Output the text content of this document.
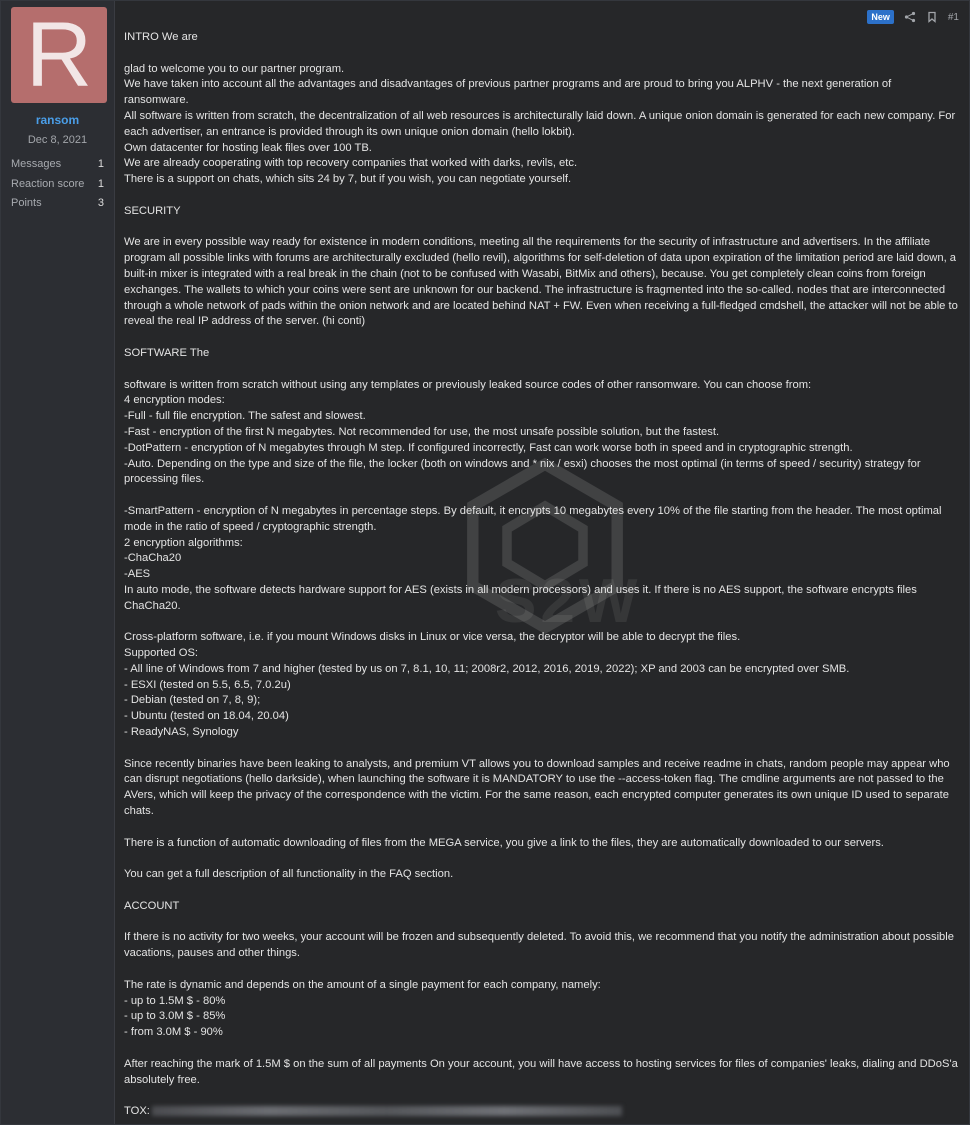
R
ransom
Dec 8, 2021
Messages	1
Reaction score 1
Points	3
New	#1
S2W

INTRO We are

glad to welcome you to our partner program.
We have taken into account all the advantages and disadvantages of previous partner programs and are proud to bring you ALPHV - the next generation of ransomware.
All software is written from scratch, the decentralization of all web resources is architecturally laid down. A unique onion domain is generated for each new company. For each advertiser, an entrance is provided through its own unique onion domain (hello lokbit).
Own datacenter for hosting leak files over 100 TB.
We are already cooperating with top recovery companies that worked with darks, revils, etc.
There is a support on chats, which sits 24 by 7, but if you wish, you can negotiate yourself.

SECURITY

We are in every possible way ready for existence in modern conditions, meeting all the requirements for the security of infrastructure and advertisers. In the affiliate program all possible links with forums are architecturally excluded (hello revil), algorithms for self-deletion of data upon expiration of the limitation period are laid down, a built-in mixer is integrated with a real break in the chain (not to be confused with Wasabi, BitMix and others), because. You get completely clean coins from foreign exchanges. The wallets to which your coins were sent are unknown for our backend. The infrastructure is fragmented into the so-called. nodes that are interconnected through a whole network of pads within the onion network and are located behind NAT + FW. Even when receiving a full-fledged cmdshell, the attacker will not be able to reveal the real IP address of the server. (hi conti)

SOFTWARE The

software is written from scratch without using any templates or previously leaked source codes of other ransomware. You can choose from:
4 encryption modes:
-Full - full file encryption. The safest and slowest.
-Fast - encryption of the first N megabytes. Not recommended for use, the most unsafe possible solution, but the fastest.
-DotPattern - encryption of N megabytes through M step. If configured incorrectly, Fast can work worse both in speed and in cryptographic strength.
-Auto. Depending on the type and size of the file, the locker (both on windows and * nix / esxi) chooses the most optimal (in terms of speed / security) strategy for processing files.

-SmartPattern - encryption of N megabytes in percentage steps. By default, it encrypts 10 megabytes every 10% of the file starting from the header. The most optimal mode in the ratio of speed / cryptographic strength.
2 encryption algorithms:
-ChaCha20
-AES
In auto mode, the software detects hardware support for AES (exists in all modern processors) and uses it. If there is no AES support, the software encrypts files ChaCha20.

Cross-platform software, i.e. if you mount Windows disks in Linux or vice versa, the decryptor will be able to decrypt the files.
Supported OS:
- All line of Windows from 7 and higher (tested by us on 7, 8.1, 10, 11; 2008r2, 2012, 2016, 2019, 2022); XP and 2003 can be encrypted over SMB.
- ESXI (tested on 5.5, 6.5, 7.0.2u)
- Debian (tested on 7, 8, 9);
- Ubuntu (tested on 18.04, 20.04)
- ReadyNAS, Synology

Since recently binaries have been leaking to analysts, and premium VT allows you to download samples and receive readme in chats, random people may appear who can disrupt negotiations (hello darkside), when launching the software it is MANDATORY to use the --access-token flag. The cmdline arguments are not passed to the AVers, which will keep the privacy of the correspondence with the victim. For the same reason, each encrypted computer generates its own unique ID used to separate chats.

There is a function of automatic downloading of files from the MEGA service, you give a link to the files, they are automatically downloaded to our servers.

You can get a full description of all functionality in the FAQ section.

ACCOUNT

If there is no activity for two weeks, your account will be frozen and subsequently deleted. To avoid this, we recommend that you notify the administration about possible vacations, pauses and other things.

The rate is dynamic and depends on the amount of a single payment for each company, namely:
- up to 1.5M $ - 80%
- up to 3.0M $ - 85%
- from 3.0M $ - 90%

After reaching the mark of 1.5M $ on the sum of all payments On your account, you will have access to hosting services for files of companies' leaks, dialing and DDoS'a absolutely free.

TOX:
